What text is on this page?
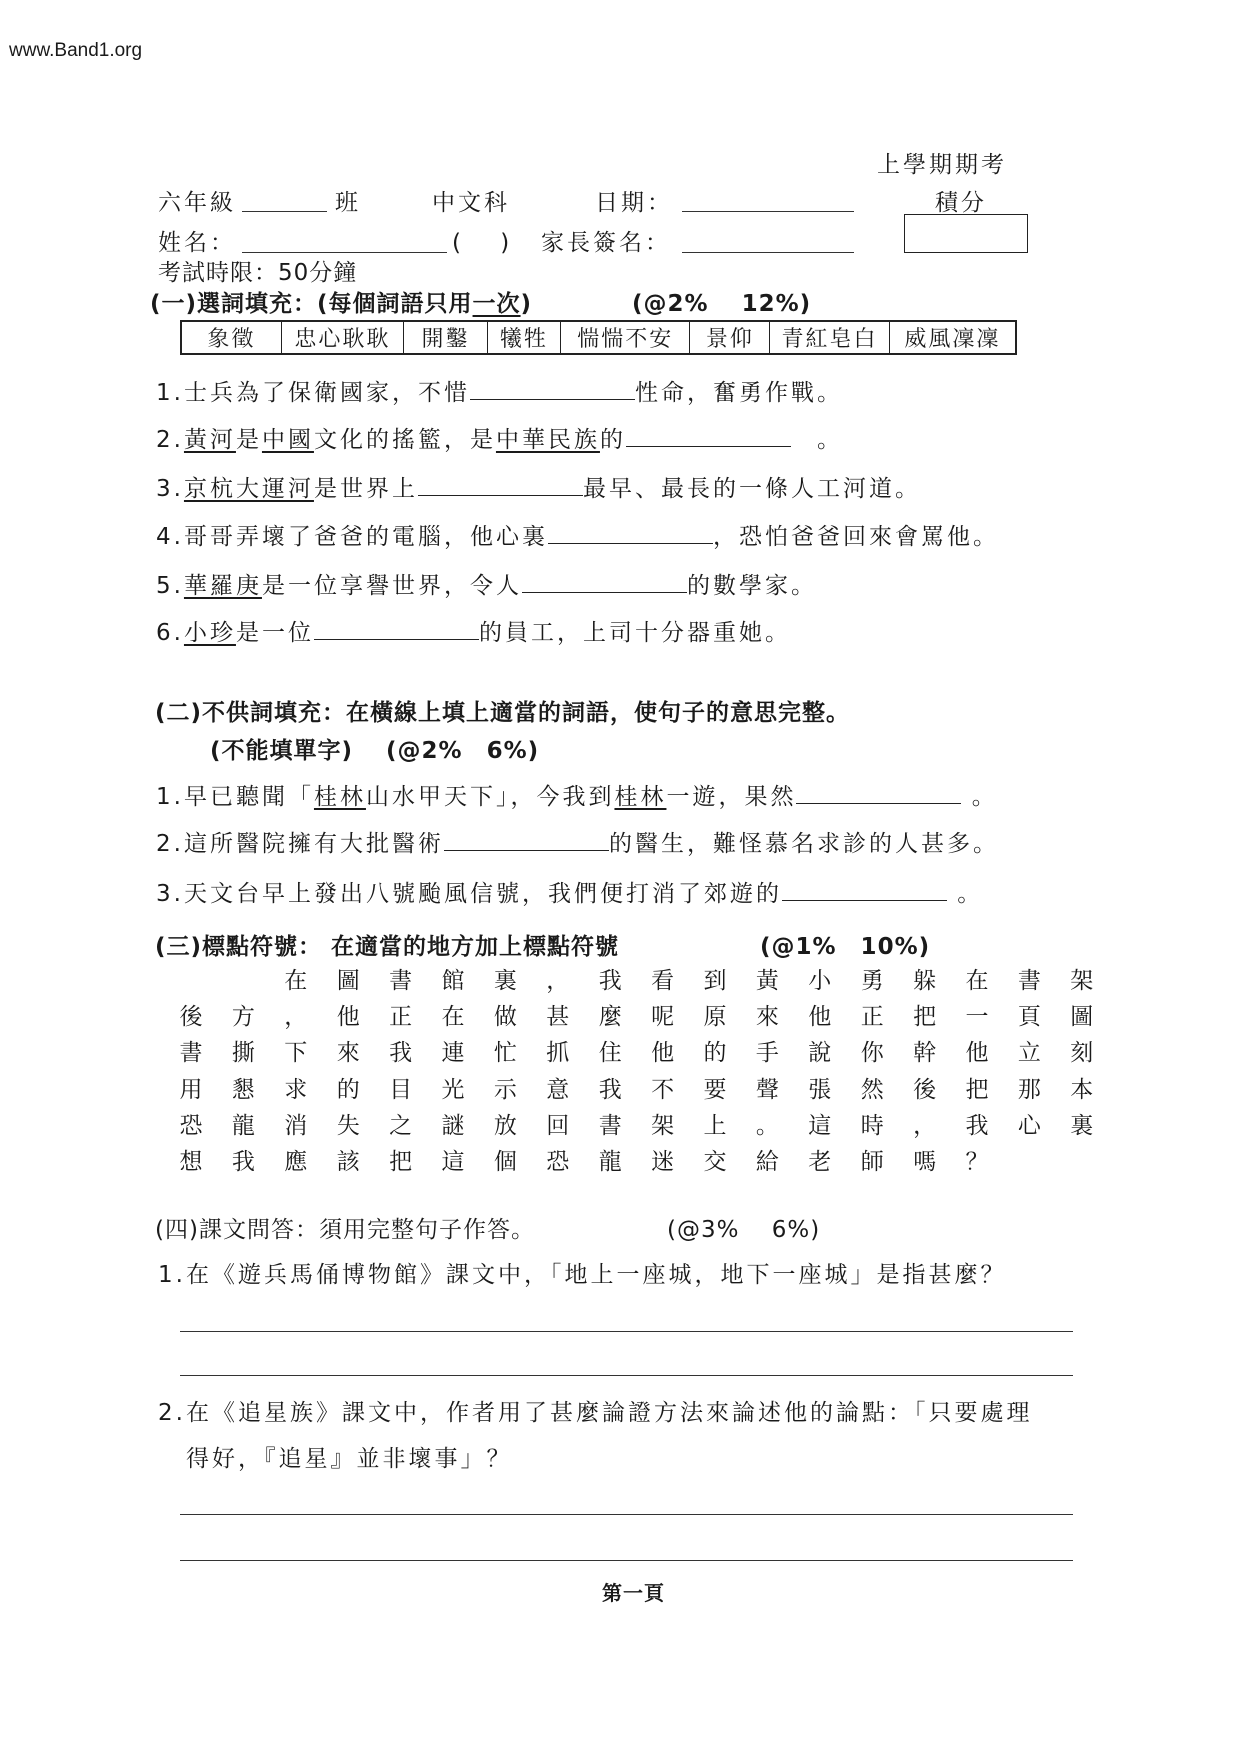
www.Band1.org
上學期期考
六年級	班	中文科	日期：	積分
姓名：	(　 ) 家長簽名：
考試時限：50分鐘
(一)選詞填充：(每個詞語只用一次)	(@2%　 12%)
象徵	忠心耿耿	開鑿	犧牲	惴惴不安	景仰	青紅皂白	威風凜凜
1.士兵為了保衛國家，不惜	性命，奮勇作戰。
2.黃河是中國文化的搖籃，是中華民族的	　。
3.京杭大運河是世界上	最早、最長的一條人工河道。
4.哥哥弄壞了爸爸的電腦，他心裏	，恐怕爸爸回來會罵他。
5.華羅庚是一位享譽世界，令人	的數學家。
6.小珍是一位	的員工，上司十分器重她。
(二)不供詞填充：在橫線上填上適當的詞語，使句子的意思完整。
(不能填單字)　 (@2%　6%)
1.早已聽聞「桂林山水甲天下」，今我到桂林一遊，果然	。
2.這所醫院擁有大批醫術	的醫生，難怪慕名求診的人甚多。
3.天文台早上發出八號颱風信號，我們便打消了郊遊的	。
(三)標點符號： 在適當的地方加上標點符號	(@1%　10%)
在 圖 書 館 裏 ， 我 看 到 黃 小 勇 躲 在 書 架
後 方 ， 他 正 在 做 甚 麼 呢 原 來 他 正 把 一 頁 圖
書 撕 下 來 我 連 忙 抓 住 他 的 手 說 你 幹 他 立 刻
用 懇 求 的 目 光 示 意 我 不 要 聲 張 然 後 把 那 本
恐 龍 消 失 之 謎 放 回 書 架 上 。 這 時 ， 我 心 裏
想 我 應 該 把 這 個 恐 龍 迷 交 給 老 師 嗎 ？
(四)課文問答：須用完整句子作答。	(@3%　 6%)
1.在《遊兵馬俑博物館》課文中，「地上一座城，地下一座城」是指甚麼？
2.在《追星族》課文中，作者用了甚麼論證方法來論述他的論點：「只要處理
得好，『追星』並非壞事」？
第一頁
